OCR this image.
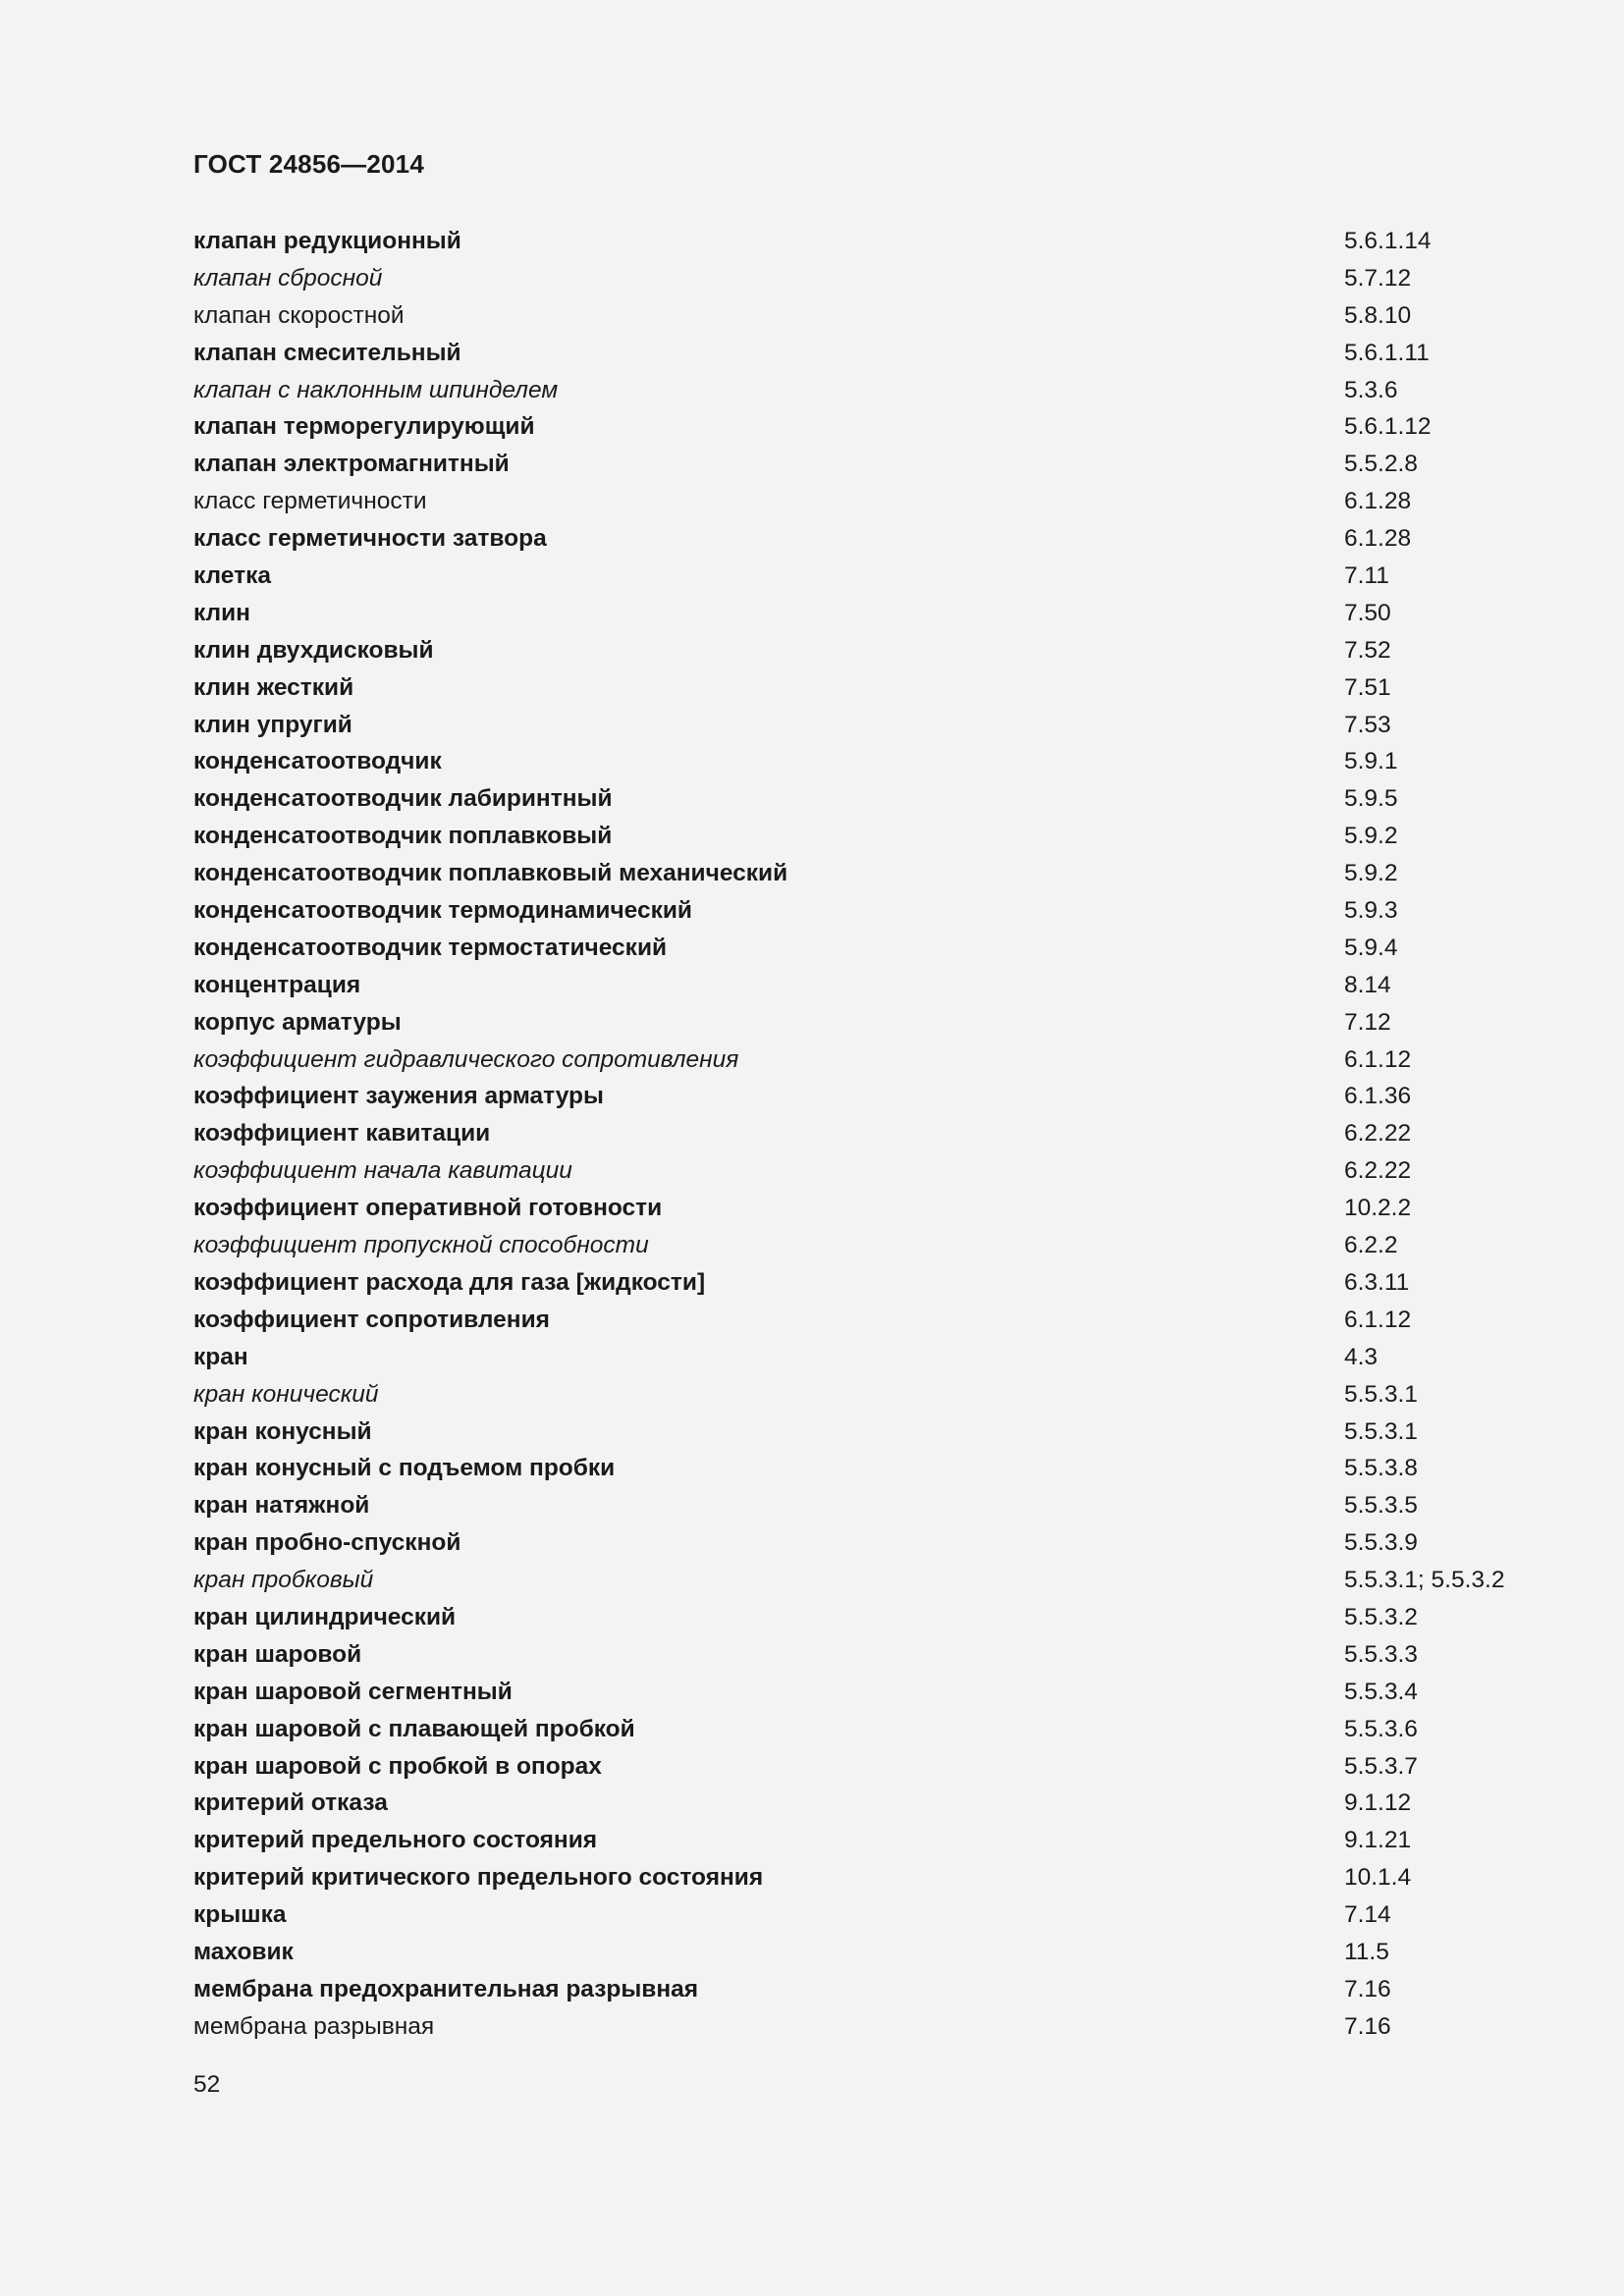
ГОСТ 24856—2014
клапан редукционный	5.6.1.14
клапан сбросной	5.7.12
клапан скоростной	5.8.10
клапан смесительный	5.6.1.11
клапан с наклонным шпинделем	5.3.6
клапан терморегулирующий	5.6.1.12
клапан электромагнитный	5.5.2.8
класс герметичности	6.1.28
класс герметичности затвора	6.1.28
клетка	7.11
клин	7.50
клин двухдисковый	7.52
клин жесткий	7.51
клин упругий	7.53
конденсатоотводчик	5.9.1
конденсатоотводчик лабиринтный	5.9.5
конденсатоотводчик поплавковый	5.9.2
конденсатоотводчик поплавковый механический	5.9.2
конденсатоотводчик термодинамический	5.9.3
конденсатоотводчик термостатический	5.9.4
концентрация	8.14
корпус арматуры	7.12
коэффициент гидравлического сопротивления	6.1.12
коэффициент заужения арматуры	6.1.36
коэффициент кавитации	6.2.22
коэффициент начала кавитации	6.2.22
коэффициент оперативной готовности	10.2.2
коэффициент пропускной способности	6.2.2
коэффициент расхода для газа [жидкости]	6.3.11
коэффициент сопротивления	6.1.12
кран	4.3
кран конический	5.5.3.1
кран конусный	5.5.3.1
кран конусный с подъемом пробки	5.5.3.8
кран натяжной	5.5.3.5
кран пробно-спускной	5.5.3.9
кран пробковый	5.5.3.1; 5.5.3.2
кран цилиндрический	5.5.3.2
кран шаровой	5.5.3.3
кран шаровой сегментный	5.5.3.4
кран шаровой с плавающей пробкой	5.5.3.6
кран шаровой с пробкой в опорах	5.5.3.7
критерий отказа	9.1.12
критерий предельного состояния	9.1.21
критерий критического предельного состояния	10.1.4
крышка	7.14
маховик	11.5
мембрана предохранительная разрывная	7.16
мембрана разрывная	7.16
52
